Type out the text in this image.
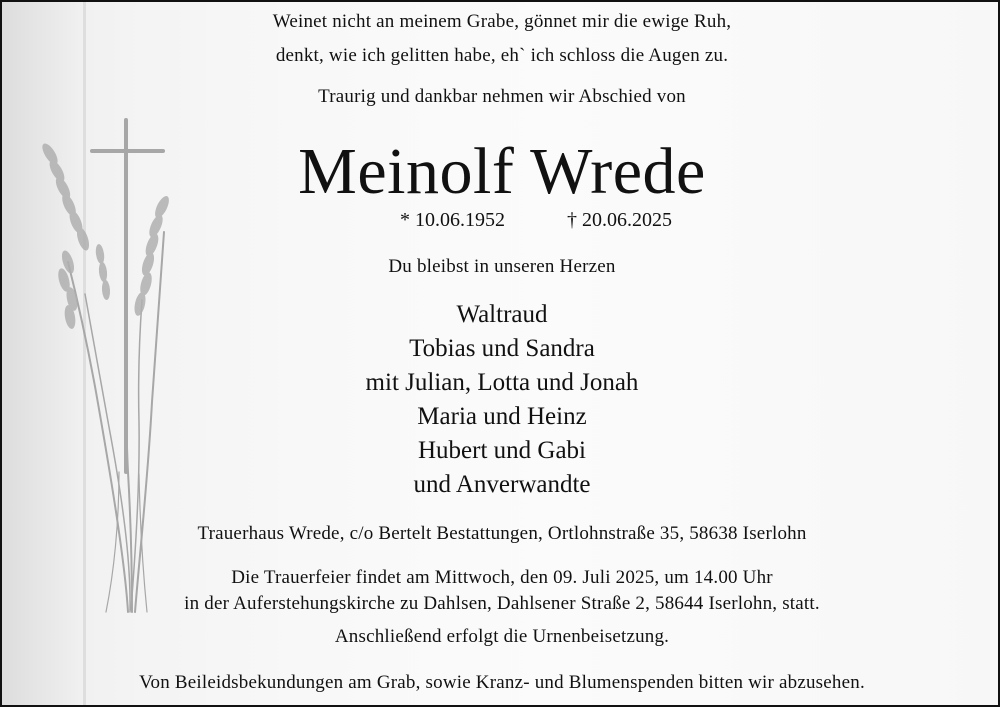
Weinet nicht an meinem Grabe, gönnet mir die ewige Ruh,
denkt, wie ich gelitten habe, eh` ich schloss die Augen zu.
Traurig und dankbar nehmen wir Abschied von
Meinolf Wrede
* 10.06.1952	† 20.06.2025
Du bleibst in unseren Herzen
Waltraud
Tobias und Sandra
mit Julian, Lotta und Jonah
Maria und Heinz
Hubert und Gabi
und Anverwandte
Trauerhaus Wrede, c/o Bertelt Bestattungen, Ortlohnstraße 35, 58638 Iserlohn
Die Trauerfeier findet am Mittwoch, den 09. Juli 2025, um 14.00 Uhr
in der Auferstehungskirche zu Dahlsen, Dahlsener Straße 2, 58644 Iserlohn, statt.
Anschließend erfolgt die Urnenbeisetzung.
Von Beileidsbekundungen am Grab, sowie Kranz- und Blumenspenden bitten wir abzusehen.
